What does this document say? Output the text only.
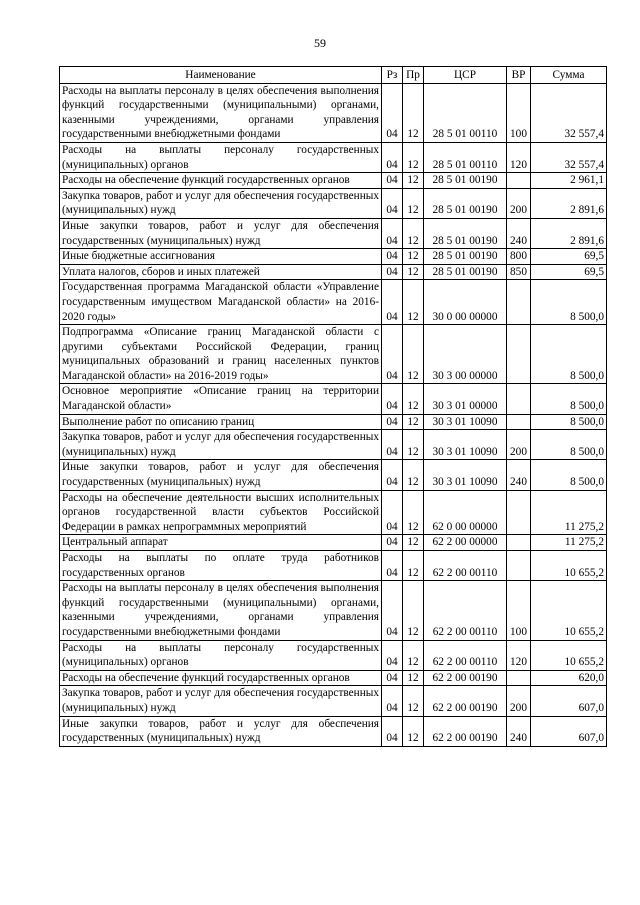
59
Наименование	Рз	Пр	ЦСР	ВР	Сумма
Расходы на выплаты персоналу в целях обеспечения выполнения функций государственными (муниципальными) органами, казенными учреждениями, органами управления государственными внебюджетными фондами	04	12	28 5 01 00110	100	32 557,4
Расходы на выплаты персоналу государственных (муниципальных) органов	04	12	28 5 01 00110	120	32 557,4
Расходы на обеспечение функций государственных органов	04	12	28 5 01 00190		2 961,1
Закупка товаров, работ и услуг для обеспечения государственных (муниципальных) нужд	04	12	28 5 01 00190	200	2 891,6
Иные закупки товаров, работ и услуг для обеспечения государственных (муниципальных) нужд	04	12	28 5 01 00190	240	2 891,6
Иные бюджетные ассигнования	04	12	28 5 01 00190	800	69,5
Уплата налогов, сборов и иных платежей	04	12	28 5 01 00190	850	69,5
Государственная программа Магаданской области «Управление государственным имуществом Магаданской области» на 2016-2020 годы»	04	12	30 0 00 00000		8 500,0
Подпрограмма «Описание границ Магаданской области с другими субъектами Российской Федерации, границ муниципальных образований и границ населенных пунктов Магаданской области» на 2016-2019 годы»	04	12	30 3 00 00000		8 500,0
Основное мероприятие «Описание границ на территории Магаданской области»	04	12	30 3 01 00000		8 500,0
Выполнение работ по описанию границ	04	12	30 3 01 10090		8 500,0
Закупка товаров, работ и услуг для обеспечения государственных (муниципальных) нужд	04	12	30 3 01 10090	200	8 500,0
Иные закупки товаров, работ и услуг для обеспечения государственных (муниципальных) нужд	04	12	30 3 01 10090	240	8 500,0
Расходы на обеспечение деятельности высших исполнительных органов государственной власти субъектов Российской Федерации в рамках непрограммных мероприятий	04	12	62 0 00 00000		11 275,2
Центральный аппарат	04	12	62 2 00 00000		11 275,2
Расходы на выплаты по оплате труда работников государственных органов	04	12	62 2 00 00110		10 655,2
Расходы на выплаты персоналу в целях обеспечения выполнения функций государственными (муниципальными) органами, казенными учреждениями, органами управления государственными внебюджетными фондами	04	12	62 2 00 00110	100	10 655,2
Расходы на выплаты персоналу государственных (муниципальных) органов	04	12	62 2 00 00110	120	10 655,2
Расходы на обеспечение функций государственных органов	04	12	62 2 00 00190		620,0
Закупка товаров, работ и услуг для обеспечения государственных (муниципальных) нужд	04	12	62 2 00 00190	200	607,0
Иные закупки товаров, работ и услуг для обеспечения государственных (муниципальных) нужд	04	12	62 2 00 00190	240	607,0
